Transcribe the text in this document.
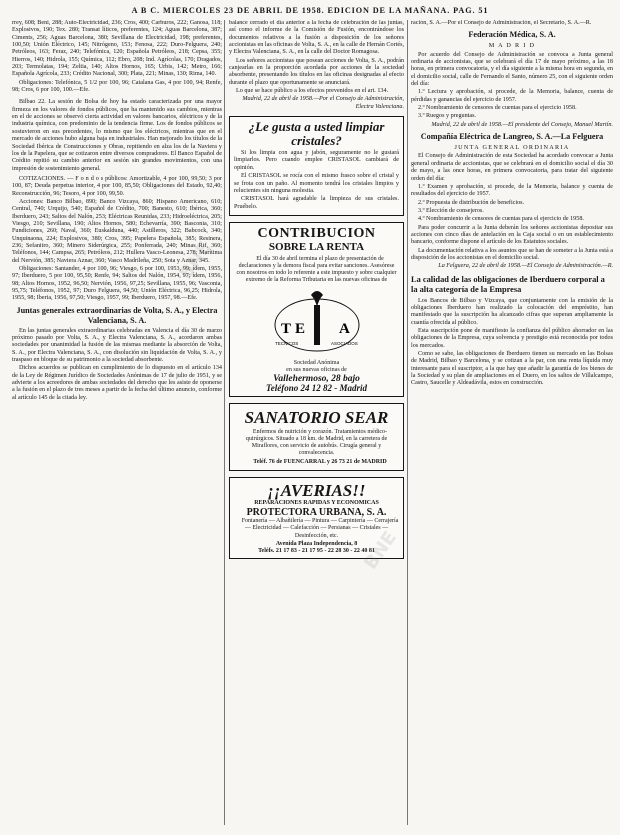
A B C. MIERCOLES 23 DE ABRIL DE 1958. EDICION DE LA MAÑANA. PAG. 51

rrey, 608; Beni, 288; Auto-Electricidad, 236; Cros, 400; Carburos, 222; Ganosa, 118; Explosivos, 190; Tex. 280; Transat líticos, preferentes, 124; Aguas Barcelona, 387; Ciments, 256; Aguas Barcelona, 380; Sevillana de Electricidad, 198; preferentes, 100,50; Unión Eléctrico, 145; Nitrógeno, 153; Fenosa, 222; Duro-Felguera, 240; Petróleos, 163; Feraz, 240; Telefónica, 120; Española Petróleos, 218; Cepsa, 355; Hierros, 140; Hidrola, 155; Química, 112; Ebro, 208; Ind. Agrícolas, 170; Dragados, 203; Termolatas, 194; Zeltia, 140; Altos Hornos, 165; Urbis, 142; Metro, 166; Española Agrícola, 233; Crédito Nacional, 300; Plata, 221; Minas, 130; Rima, 140.

Obligaciones: Telefónica, 5 1/2 por 100, 96; Catalana Gas, 4 por 100, 94; Renfe, 98; Cros, 6 por 100, 100.—Efe.

Bilbao 22. La sesión de Bolsa de hoy ha estado caracterizada por una mayor firmeza en los valores de fondos públicos, que ha mantenido sus cambios, mientras en el de acciones se observó cierta actividad en valores bancarios, eléctricos y de la industria química, con predominio de la tendencia firme. Los de fondos públicos se sostuvieron en sus precedentes, lo mismo que los eléctricos, mientras que en el mercado de acciones hubo alguna baja en industriales. Han mejorado los títulos de la Sociedad Ibérica de Construcciones y Obras, repitiendo en alza los de la Naviera y los de la Papelera, que se cotizaron entre diversos compradores. El Banco Español de Crédito repitió su cambio anterior en sesión sin grandes movimientos, con una impresión de sostenimiento general.

COTIZACIONES. — F o n d o s públicos: Amortizable, 4 por 100, 99,50; 3 por 100, 87; Deuda perpetua interior, 4 por 100, 85,50; Obligaciones del Estado, 92,40; Reconstrucción, 96; Tesoro, 4 por 100, 99,50.

Acciones: Banco Bilbao, 890; Banco Vizcaya, 860; Hispano Americano, 610; Central, 740; Urquijo, 540; Español de Crédito, 700; Banesto, 610; Ibérica, 360; Iberduero, 243; Saltos del Nalón, 253; Eléctricas Reunidas, 233; Hidroeléctrica, 205; Viesgo, 210; Sevillana, 190; Altos Hornos, 580; Echevarría, 390; Basconia, 310; Fundiciones, 260; Naval, 360; Euskalduna, 440; Astilleros, 322; Babcock, 340; Unquinaona, 224; Explosivos, 380; Cros, 395; Papelera Española, 385; Resinera, 236; Sefanitro, 360; Minero Siderúrgica, 255; Ponferrada, 240; Minas Rif, 360; Teléfonos, 144; Campsa, 265; Petróleos, 212; Hullera Vasco-Leonesa, 278; Marítima del Nervión, 385; Naviera Aznar, 360; Vasco Madrileña, 250; Sota y Aznar, 345.

Obligaciones: Santander, 4 por 100, 96; Viesgo, 6 por 100, 1953, 99; ídem, 1955, 97; Iberduero, 5 por 100, 95,50; Renfe, 94; Saltos del Nalón, 1954, 97; ídem, 1956, 98; Altos Hornos, 1952, 96,50; Nervión, 1956, 97,25; Sevillana, 1955, 96; Vasconia, 95,75; Teléfonos, 1952, 97; Duro Felguera, 94,50; Unión Eléctrica, 96,25; Hidrola, 1955, 98; Iberia, 1956, 97,50; Viesgo, 1957, 99; Iberduero, 1957, 98.—Efe.

Juntas generales extraordinarias de Volta, S. A., y Electra Valenciana, S. A.

En las juntas generales extraordinarias celebradas en Valencia el día 30 de marzo próximo pasado por Volta, S. A., y Electra Valenciana, S. A., acordaron ambas sociedades por unanimidad la fusión de las mismas mediante la absorción de Volta, S. A., por Electra Valenciana, S. A., con disolución sin liquidación de Volta, S. A., y traspaso en bloque de su patrimonio a la sociedad absorbente.

Dichos acuerdos se publican en cumplimiento de lo dispuesto en el artículo 134 de la Ley de Régimen Jurídico de Sociedades Anónimas de 17 de julio de 1951, y se advierte a los acreedores de ambas sociedades del derecho que les asiste de oponerse a la fusión en el plazo de tres meses a partir de la fecha del último anuncio, conforme al artículo 145 de la citada ley.

balance cerrado el día anterior a la fecha de celebración de las juntas, así como el informe de la Comisión de Fusión, encontrándose los documentos relativos a la fusión a disposición de los señores accionistas en las oficinas de Volta, S. A., en la calle de Hernán Cortés, y Electra Valenciana, S. A., en la calle del Doctor Romagosa.

Los señores accionistas que posean acciones de Volta, S. A., podrán canjearlas en la proporción acordada por acciones de la sociedad absorbente, presentando los títulos en las oficinas designadas al efecto durante el plazo que oportunamente se anunciará.

Lo que se hace público a los efectos prevenidos en el art. 134.

Madrid, 22 de abril de 1958.—Por el Consejo de Administración, Electra Valenciana.

¿Le gusta a usted limpiar cristales?

Si los limpia con agua y jabón, seguramente no le gustará limpiarlos. Pero cuando emplee CRISTASOL cambiará de opinión.

El CRISTASOL se rocía con el mismo frasco sobre el cristal y se frota con un paño. Al momento tendrá los cristales limpios y relucientes sin ninguna molestia.

CRISTASOL hará agradable la limpieza de sus cristales. Pruébelo.

CONTRIBUCION
SOBRE LA RENTA

El día 30 de abril termina el plazo de presentación de declaraciones y la demora fiscal para evitar sanciones. Asesórese con nosotros en todo lo referente a este impuesto y sobre cualquier extremo de la Reforma Tributaria en las nuevas oficinas de

T E A
TECNICOS	ASOCIADOS
Sociedad Anónima
en sus nuevas oficinas de
Vallehermoso, 28 bajo
Teléfono 24 12 82 - Madrid
SANATORIO SEAR

Enfermos de nutrición y corazón. Tratamientos médico-quirúrgicos. Situado a 18 km. de Madrid, en la carretera de Miraflores, con servicio de autobús. Cirugía general y convalecencia.

Teléf. 76 de FUENCARRAL y 26 73 21 de MADRID

¡¡AVERIAS!!
REPARACIONES RAPIDAS Y ECONOMICAS
PROTECTORA URBANA, S. A.

Fontanería — Albañilería — Pintura — Carpintería — Cerrajería — Electricidad — Calefacción — Persianas — Cristales — Desinfección, etc.

Avenida Plaza Independencia, 8
Teléfs. 21 17 83 - 21 17 95 - 22 28 30 - 22 40 81

ración, S. A.—Por el Consejo de Administración, el Secretario, S. A.—R.

Federación Médica, S. A.
M A D R I D

Por acuerdo del Consejo de Administración se convoca a Junta general ordinaria de accionistas, que se celebrará el día 17 de mayo próximo, a las 18 horas, en primera convocatoria, y el día siguiente a la misma hora en segunda, en el domicilio social, calle de Fernando el Santo, número 25, con el siguiente orden del día:

1.º Lectura y aprobación, si procede, de la Memoria, balance, cuenta de pérdidas y ganancias del ejercicio de 1957.

2.º Nombramiento de censores de cuentas para el ejercicio 1958.

3.º Ruegos y preguntas.

Madrid, 22 de abril de 1958.—El presidente del Consejo, Manuel Martín.

Compañía Eléctrica de Langreo, S. A.—La Felguera
JUNTA GENERAL ORDINARIA

El Consejo de Administración de esta Sociedad ha acordado convocar a Junta general ordinaria de accionistas, que se celebrará en el domicilio social el día 30 de mayo, a las once horas, en primera convocatoria, para tratar del siguiente orden del día:

1.º Examen y aprobación, si procede, de la Memoria, balance y cuenta de resultados del ejercicio de 1957.

2.º Propuesta de distribución de beneficios.

3.º Elección de consejeros.

4.º Nombramiento de censores de cuentas para el ejercicio de 1958.

Para poder concurrir a la Junta deberán los señores accionistas depositar sus acciones con cinco días de antelación en la Caja social o en un establecimiento bancario, conforme dispone el artículo de los Estatutos sociales.

La documentación relativa a los asuntos que se han de someter a la Junta está a disposición de los accionistas en el domicilio social.

La Felguera, 22 de abril de 1958.—El Consejo de Administración.—R.

La calidad de las obligaciones de Iberduero corporal a la alta categoría de la Empresa

Los Bancos de Bilbao y Vizcaya, que conjuntamente con la emisión de la obligaciones Iberduero han realizado la colocación del empréstito, han manifestado que la suscripción ha alcanzado cifras que superan ampliamente la cuantía ofrecida al público.

Esta suscripción pone de manifiesto la confianza del público ahorrador en las obligaciones de la Empresa, cuya solvencia y prestigio está reconocida por todos los mercados.

Como se sabe, las obligaciones de Iberduero tienen su mercado en las Bolsas de Madrid, Bilbao y Barcelona, y se cotizan a la par, con una renta líquida muy interesante para el suscriptor, a la que hay que añadir la garantía de los bienes de la Sociedad y su plan de ampliaciones en el Duero, en los saltos de Villalcampo, Castro, Saucelle y Aldeadávila, estos en construcción.

BNE
